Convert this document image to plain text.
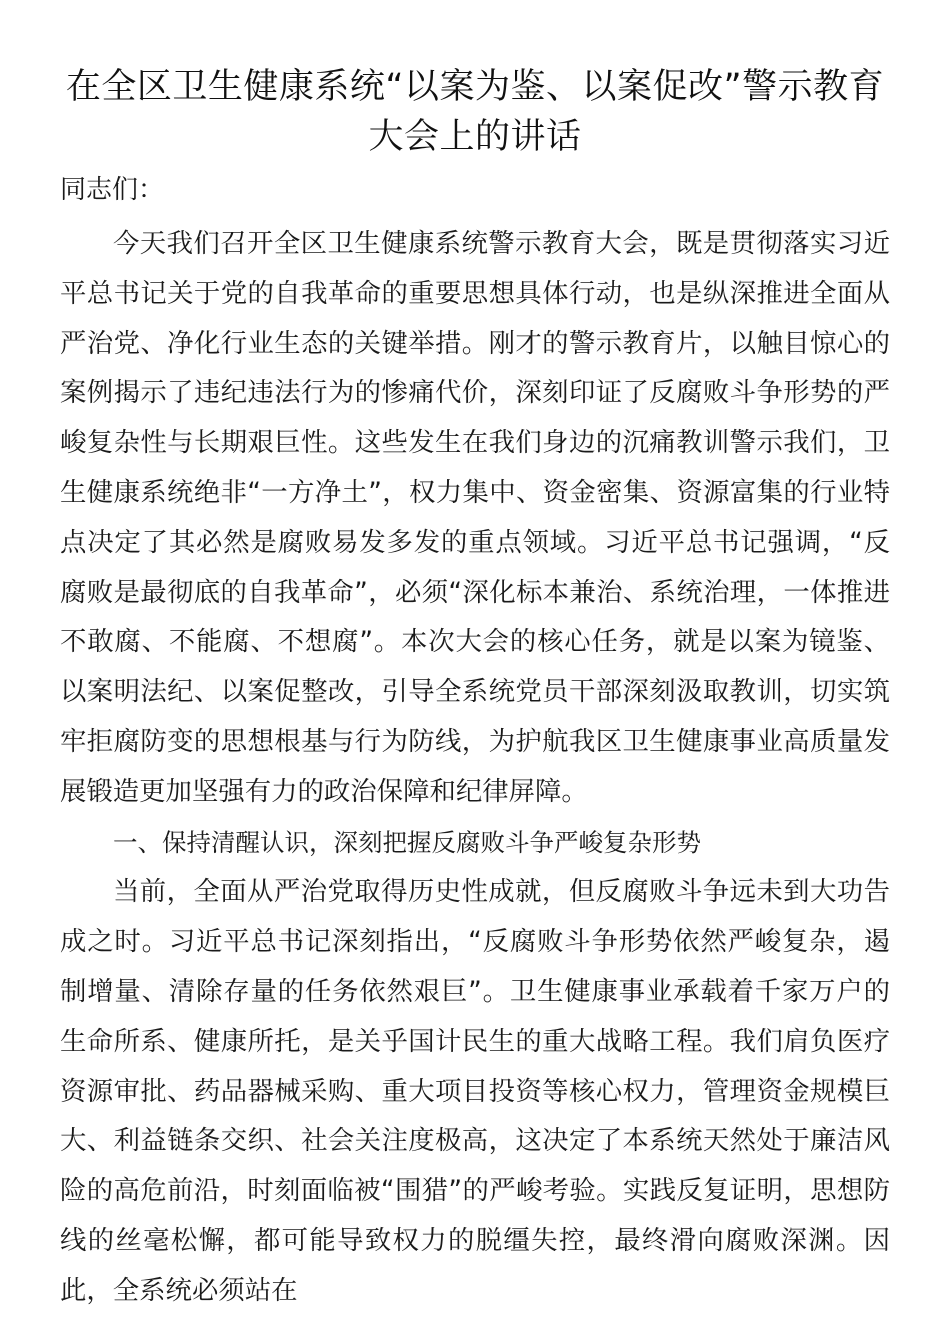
在全区卫生健康系统“以案为鉴、以案促改”警示教育大会上的讲话

同志们：

今天我们召开全区卫生健康系统警示教育大会，既是贯彻落实习近平总书记关于党的自我革命的重要思想具体行动，也是纵深推进全面从严治党、净化行业生态的关键举措。刚才的警示教育片，以触目惊心的案例揭示了违纪违法行为的惨痛代价，深刻印证了反腐败斗争形势的严峻复杂性与长期艰巨性。这些发生在我们身边的沉痛教训警示我们，卫生健康系统绝非“一方净土”，权力集中、资金密集、资源富集的行业特点决定了其必然是腐败易发多发的重点领域。习近平总书记强调，“反腐败是最彻底的自我革命”，必须“深化标本兼治、系统治理，一体推进不敢腐、不能腐、不想腐”。本次大会的核心任务，就是以案为镜鉴、以案明法纪、以案促整改，引导全系统党员干部深刻汲取教训，切实筑牢拒腐防变的思想根基与行为防线，为护航我区卫生健康事业高质量发展锻造更加坚强有力的政治保障和纪律屏障。

一、保持清醒认识，深刻把握反腐败斗争严峻复杂形势

当前，全面从严治党取得历史性成就，但反腐败斗争远未到大功告成之时。习近平总书记深刻指出，“反腐败斗争形势依然严峻复杂，遏制增量、清除存量的任务依然艰巨”。卫生健康事业承载着千家万户的生命所系、健康所托，是关乎国计民生的重大战略工程。我们肩负医疗资源审批、药品器械采购、重大项目投资等核心权力，管理资金规模巨大、利益链条交织、社会关注度极高，这决定了本系统天然处于廉洁风险的高危前沿，时刻面临被“围猎”的严峻考验。实践反复证明，思想防线的丝毫松懈，都可能导致权力的脱缰失控，最终滑向腐败深渊。因此，全系统必须站在
